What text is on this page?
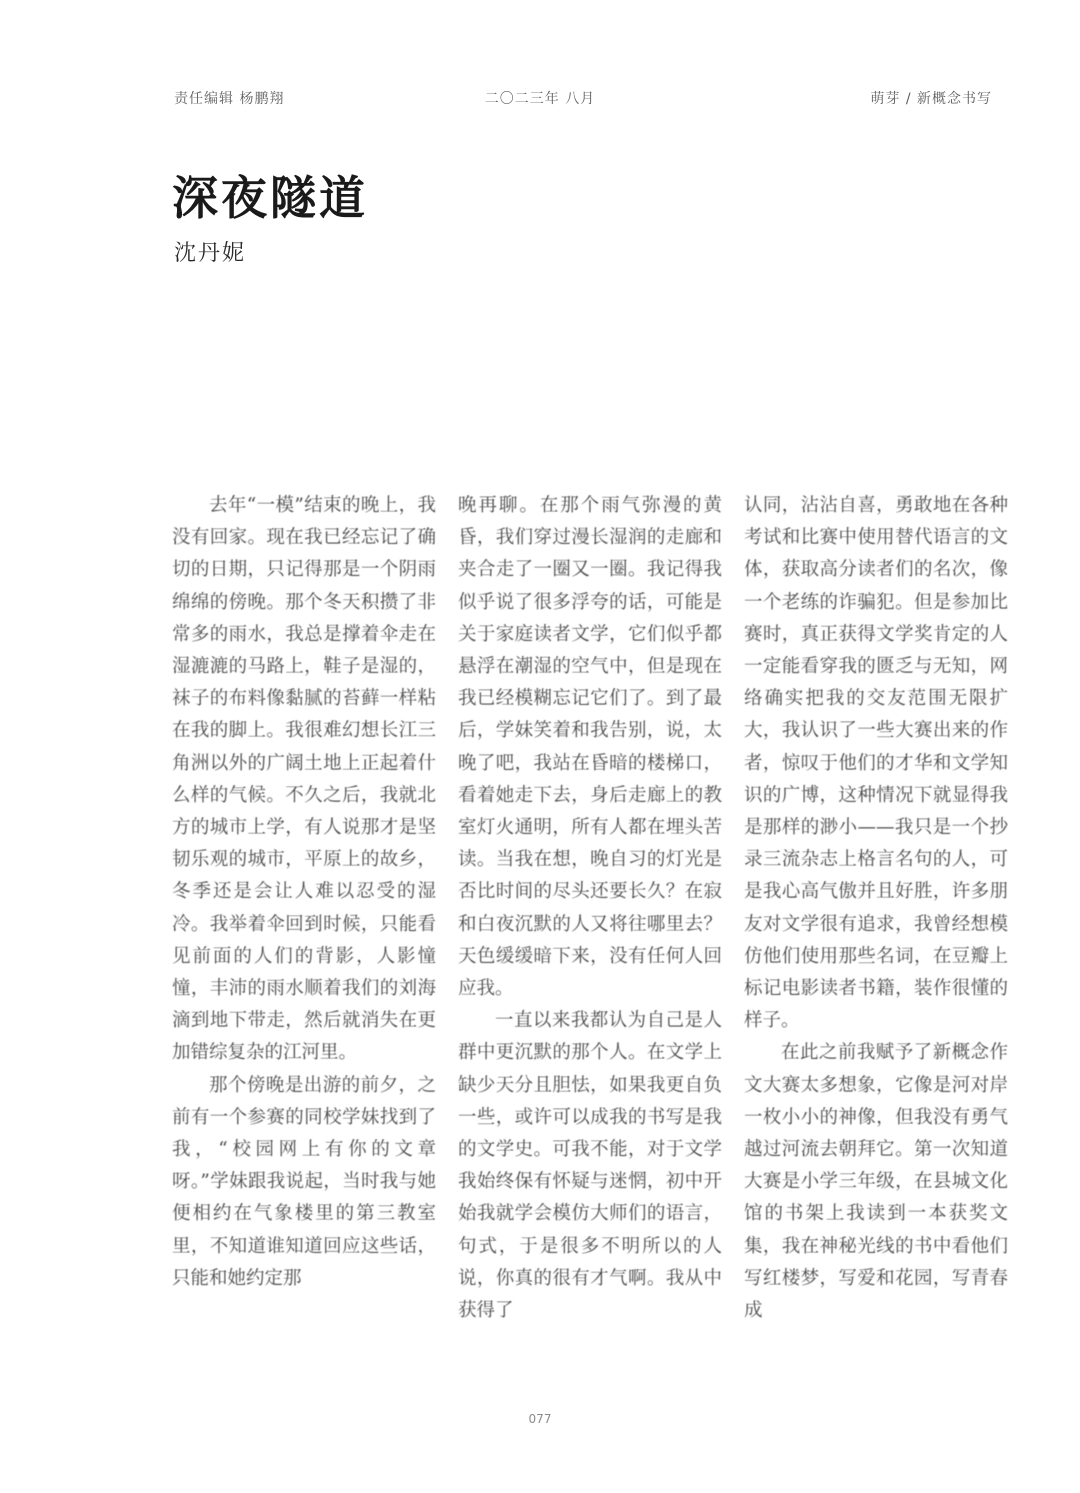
责任编辑 杨鹏翔	二〇二三年 八月	萌芽 / 新概念书写
深夜隧道
沈丹妮

去年“一模”结束的晚上，我没有回家。现在我已经忘记了确切的日期，只记得那是一个阴雨绵绵的傍晚。那个冬天积攒了非常多的雨水，我总是撑着伞走在湿漉漉的马路上，鞋子是湿的，袜子的布料像黏腻的苔藓一样粘在我的脚上。我很难幻想长江三角洲以外的广阔土地上正起着什么样的气候。不久之后，我就北方的城市上学，有人说那才是坚韧乐观的城市，平原上的故乡，冬季还是会让人难以忍受的湿冷。我举着伞回到时候，只能看见前面的人们的背影，人影憧憧，丰沛的雨水顺着我们的刘海滴到地下带走，然后就消失在更加错综复杂的江河里。

那个傍晚是出游的前夕，之前有一个参赛的同校学妹找到了我，“校园网上有你的文章呀。”学妹跟我说起，当时我与她便相约在气象楼里的第三教室里，不知道谁知道回应这些话，只能和她约定那

晚再聊。在那个雨气弥漫的黄昏，我们穿过漫长湿润的走廊和夹合走了一圈又一圈。我记得我似乎说了很多浮夸的话，可能是关于家庭读者文学，它们似乎都悬浮在潮湿的空气中，但是现在我已经模糊忘记它们了。到了最后，学妹笑着和我告别，说，太晚了吧，我站在昏暗的楼梯口，看着她走下去，身后走廊上的教室灯火通明，所有人都在埋头苦读。当我在想，晚自习的灯光是否比时间的尽头还要长久？在寂和白夜沉默的人又将往哪里去？天色缓缓暗下来，没有任何人回应我。

一直以来我都认为自己是人群中更沉默的那个人。在文学上缺少天分且胆怯，如果我更自负一些，或许可以成我的书写是我的文学史。可我不能，对于文学我始终保有怀疑与迷惘，初中开始我就学会模仿大师们的语言，句式，于是很多不明所以的人说，你真的很有才气啊。我从中获得了

认同，沾沾自喜，勇敢地在各种考试和比赛中使用替代语言的文体，获取高分读者们的名次，像一个老练的诈骗犯。但是参加比赛时，真正获得文学奖肯定的人一定能看穿我的匮乏与无知，网络确实把我的交友范围无限扩大，我认识了一些大赛出来的作者，惊叹于他们的才华和文学知识的广博，这种情况下就显得我是那样的渺小——我只是一个抄录三流杂志上格言名句的人，可是我心高气傲并且好胜，许多朋友对文学很有追求，我曾经想模仿他们使用那些名词，在豆瓣上标记电影读者书籍，装作很懂的样子。

在此之前我赋予了新概念作文大赛太多想象，它像是河对岸一枚小小的神像，但我没有勇气越过河流去朝拜它。第一次知道大赛是小学三年级，在县城文化馆的书架上我读到一本获奖文集，我在神秘光线的书中看他们写红楼梦，写爱和花园，写青春成

077
